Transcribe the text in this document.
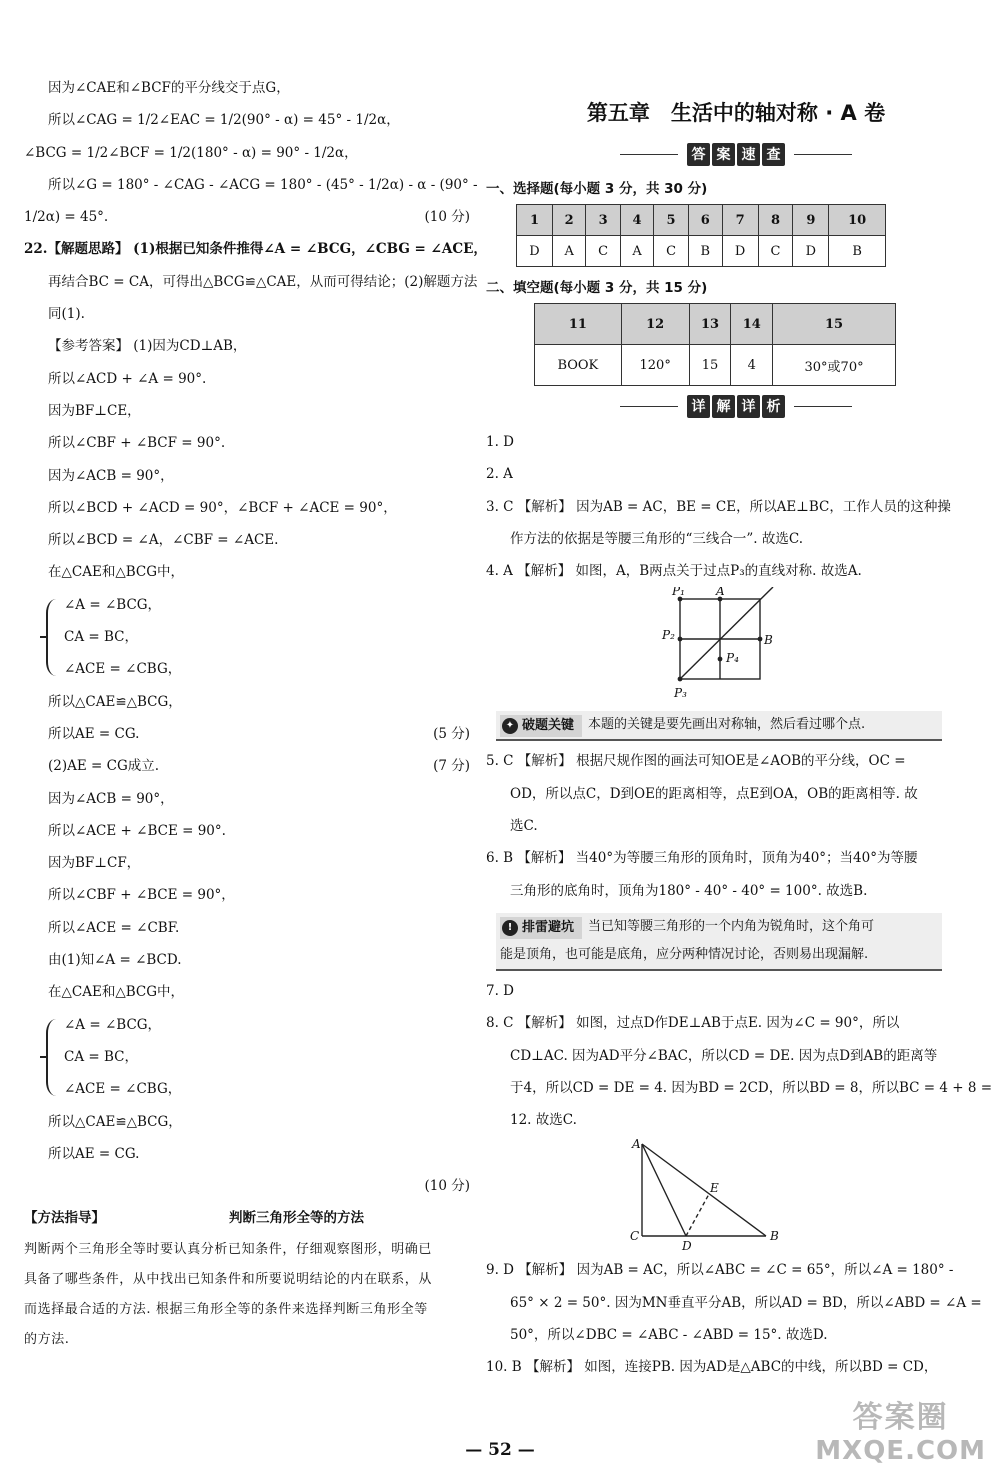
因为∠CAE和∠BCF的平分线交于点G，
所以∠CAG = 1/2∠EAC = 1/2(90° - α) = 45° - 1/2α，
∠BCG = 1/2∠BCF = 1/2(180° - α) = 90° - 1/2α，
所以∠G = 180° - ∠CAG - ∠ACG = 180° - (45° - 1/2α) - α - (90° -
1/2α) = 45°.	(10 分)
22.【解题思路】 (1)根据已知条件推得∠A = ∠BCG，∠CBG = ∠ACE，
再结合BC = CA，可得出△BCG≌△CAE，从而可得结论；(2)解题方法
同(1).
【参考答案】 (1)因为CD⊥AB，
所以∠ACD + ∠A = 90°.
因为BF⊥CE，
所以∠CBF + ∠BCF = 90°.
因为∠ACB = 90°，
所以∠BCD + ∠ACD = 90°，∠BCF + ∠ACE = 90°，
所以∠BCD = ∠A，∠CBF = ∠ACE.
在△CAE和△BCG中，
∠A = ∠BCG，
CA = BC，
∠ACE = ∠CBG，
所以△CAE≌△BCG，
所以AE = CG.	(5 分)
(2)AE = CG成立.	(7 分)
因为∠ACB = 90°，
所以∠ACE + ∠BCE = 90°.
因为BF⊥CF，
所以∠CBF + ∠BCE = 90°，
所以∠ACE = ∠CBF.
由(1)知∠A = ∠BCD.
在△CAE和△BCG中，
∠A = ∠BCG，
CA = BC，
∠ACE = ∠CBG，
所以△CAE≌△BCG，
所以AE = CG.
(10 分)
【方法指导】	判断三角形全等的方法
判断两个三角形全等时要认真分析已知条件，仔细观察图形，明确已
具备了哪些条件，从中找出已知条件和所要说明结论的内在联系，从
而选择最合适的方法. 根据三角形全等的条件来选择判断三角形全等
的方法.
第五章　生活中的轴对称 · A 卷
答 案 速 查
一、选择题(每小题 3 分，共 30 分)
1	2	3	4	5	6	7	8	9	10
D	A	C	A	C	B	D	C	D	B
二、填空题(每小题 3 分，共 15 分)
11	12	13	14	15
BOOK	120°	15	4	30°或70°
详 解 详 析
1. D
2. A
3. C 【解析】 因为AB = AC，BE = CE，所以AE⊥BC，工作人员的这种操
作方法的依据是等腰三角形的“三线合一”. 故选C.
4. A 【解析】 如图，A，B两点关于过点P₃的直线对称. 故选A.
P₁	A
P₂	B
P₄
P₃
✦ 破题关键 本题的关键是要先画出对称轴，然后看过哪个点.
5. C 【解析】 根据尺规作图的画法可知OE是∠AOB的平分线，OC =
OD，所以点C，D到OE的距离相等，点E到OA，OB的距离相等. 故
选C.
6. B 【解析】 当40°为等腰三角形的顶角时，顶角为40°；当40°为等腰
三角形的底角时，顶角为180° - 40° - 40° = 100°. 故选B.
! 排雷避坑 当已知等腰三角形的一个内角为锐角时，这个角可
能是顶角，也可能是底角，应分两种情况讨论，否则易出现漏解.
7. D
8. C 【解析】 如图，过点D作DE⊥AB于点E. 因为∠C = 90°，所以
CD⊥AC. 因为AD平分∠BAC，所以CD = DE. 因为点D到AB的距离等
于4，所以CD = DE = 4. 因为BD = 2CD，所以BD = 8，所以BC = 4 + 8 =
12. 故选C.
A
E
C
D
B
9. D 【解析】 因为AB = AC，所以∠ABC = ∠C = 65°，所以∠A = 180° -
65° × 2 = 50°. 因为MN垂直平分AB，所以AD = BD，所以∠ABD = ∠A =
50°，所以∠DBC = ∠ABC - ∠ABD = 15°. 故选D.
10. B 【解析】 如图，连接PB. 因为AD是△ABC的中线，所以BD = CD，
— 52 —
答案圈
MXQE.COM
